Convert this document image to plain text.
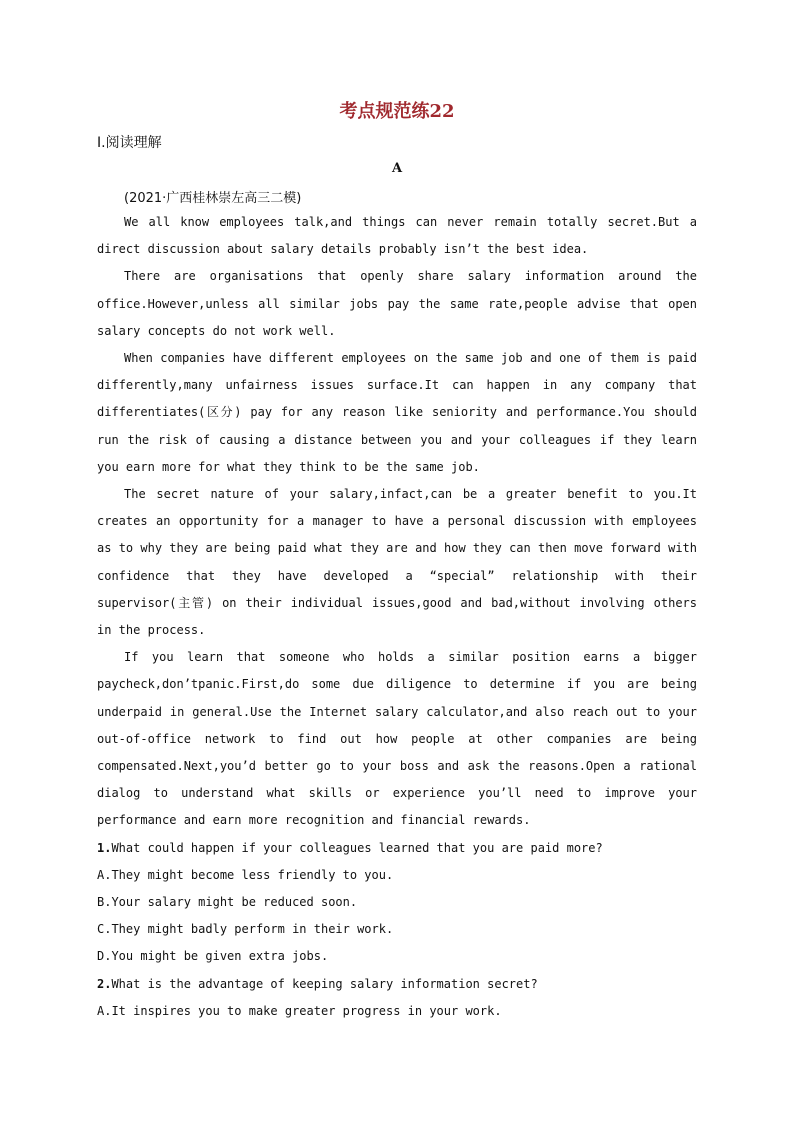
考点规范练22
Ⅰ.阅读理解
A
(2021·广西桂林崇左高三二模)

We all know employees talk,and things can never remain totally secret.But a direct discussion about salary details probably isn’t the best idea.

There are organisations that openly share salary information around the office.However,unless all similar jobs pay the same rate,people advise that open salary concepts do not work well.

When companies have different employees on the same job and one of them is paid differently,many unfairness issues surface.It can happen in any company that differentiates(区分) pay for any reason like seniority and performance.You should run the risk of causing a distance between you and your colleagues if they learn you earn more for what they think to be the same job.

The secret nature of your salary,infact,can be a greater benefit to you.It creates an opportunity for a manager to have a personal discussion with employees as to why they are being paid what they are and how they can then move forward with confidence that they have developed a “special” relationship with their supervisor(主管) on their individual issues,good and bad,without involving others in the process.

If you learn that someone who holds a similar position earns a bigger paycheck,don’tpanic.First,do some due diligence to determine if you are being underpaid in general.Use the Internet salary calculator,and also reach out to your out-of-office network to find out how people at other companies are being compensated.Next,you’d better go to your boss and ask the reasons.Open a rational dialog to understand what skills or experience you’ll need to improve your performance and earn more recognition and financial rewards.

1.What could happen if your colleagues learned that you are paid more?

A.They might become less friendly to you.

B.Your salary might be reduced soon.

C.They might badly perform in their work.

D.You might be given extra jobs.

2.What is the advantage of keeping salary information secret?

A.It inspires you to make greater progress in your work.
